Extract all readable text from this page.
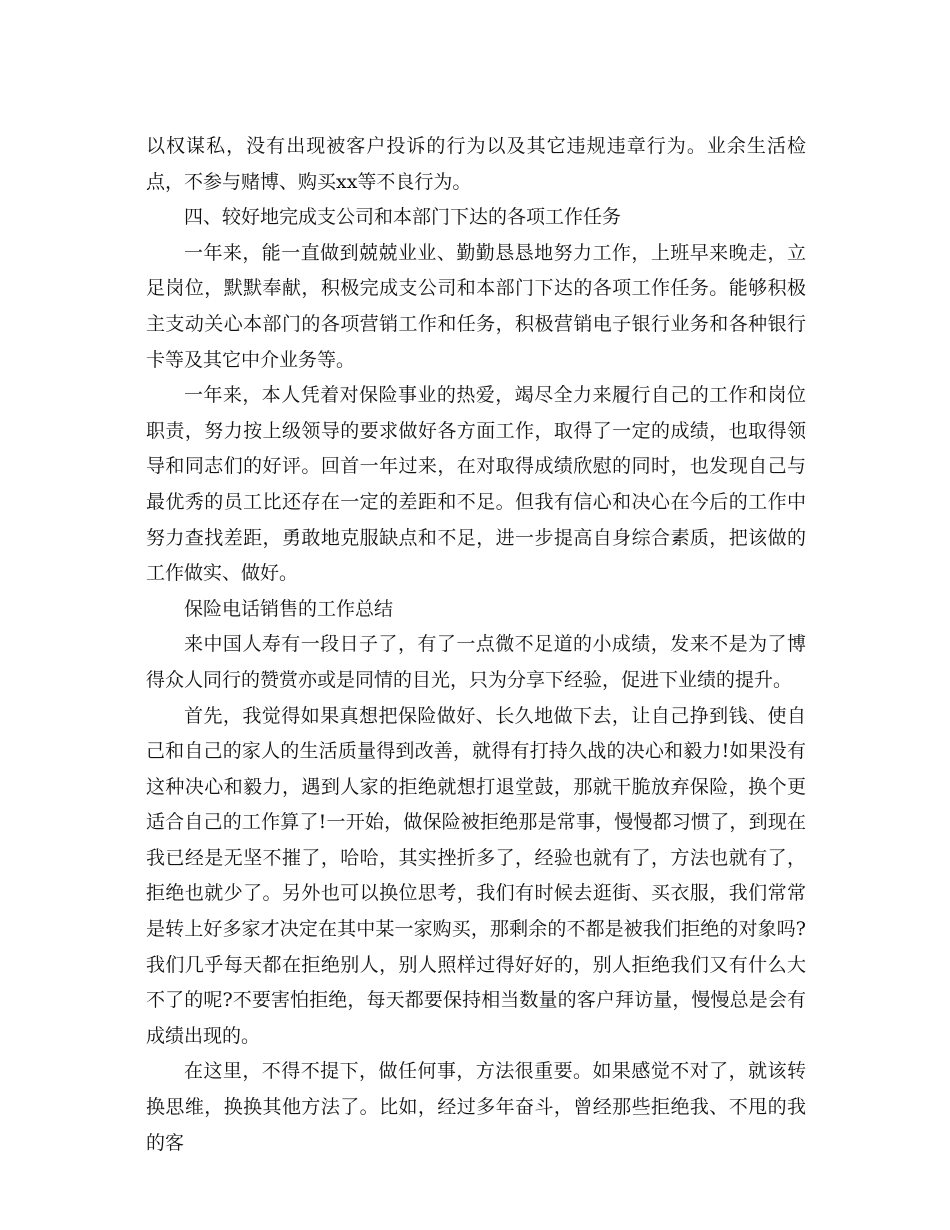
以权谋私，没有出现被客户投诉的行为以及其它违规违章行为。业余生活检点，不参与赌博、购买xx等不良行为。

四、较好地完成支公司和本部门下达的各项工作任务

一年来，能一直做到兢兢业业、勤勤恳恳地努力工作，上班早来晚走，立足岗位，默默奉献，积极完成支公司和本部门下达的各项工作任务。能够积极主支动关心本部门的各项营销工作和任务，积极营销电子银行业务和各种银行卡等及其它中介业务等。

一年来，本人凭着对保险事业的热爱，竭尽全力来履行自己的工作和岗位职责，努力按上级领导的要求做好各方面工作，取得了一定的成绩，也取得领导和同志们的好评。回首一年过来，在对取得成绩欣慰的同时，也发现自己与最优秀的员工比还存在一定的差距和不足。但我有信心和决心在今后的工作中努力查找差距，勇敢地克服缺点和不足，进一步提高自身综合素质，把该做的工作做实、做好。

保险电话销售的工作总结

来中国人寿有一段日子了，有了一点微不足道的小成绩，发来不是为了博得众人同行的赞赏亦或是同情的目光，只为分享下经验，促进下业绩的提升。

首先，我觉得如果真想把保险做好、长久地做下去，让自己挣到钱、使自己和自己的家人的生活质量得到改善，就得有打持久战的决心和毅力!如果没有这种决心和毅力，遇到人家的拒绝就想打退堂鼓，那就干脆放弃保险，换个更适合自己的工作算了!一开始，做保险被拒绝那是常事，慢慢都习惯了，到现在我已经是无坚不摧了，哈哈，其实挫折多了，经验也就有了，方法也就有了，拒绝也就少了。另外也可以换位思考，我们有时候去逛街、买衣服，我们常常是转上好多家才决定在其中某一家购买，那剩余的不都是被我们拒绝的对象吗?我们几乎每天都在拒绝别人，别人照样过得好好的，别人拒绝我们又有什么大不了的呢?不要害怕拒绝，每天都要保持相当数量的客户拜访量，慢慢总是会有成绩出现的。

在这里，不得不提下，做任何事，方法很重要。如果感觉不对了，就该转换思维，换换其他方法了。比如，经过多年奋斗，曾经那些拒绝我、不甩的我的客
